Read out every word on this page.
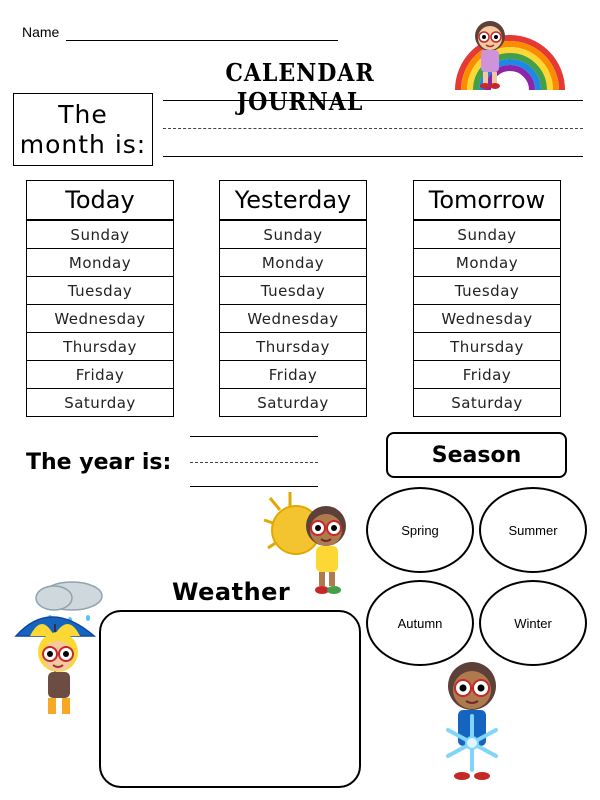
Name
CALENDAR JOURNAL
The
month is:
Today
Sunday
Monday
Tuesday
Wednesday
Thursday
Friday
Saturday
Yesterday
Sunday
Monday
Tuesday
Wednesday
Thursday
Friday
Saturday
Tomorrow
Sunday
Monday
Tuesday
Wednesday
Thursday
Friday
Saturday
The year is:	Season
Spring	Summer
Autumn	Winter
Weather
